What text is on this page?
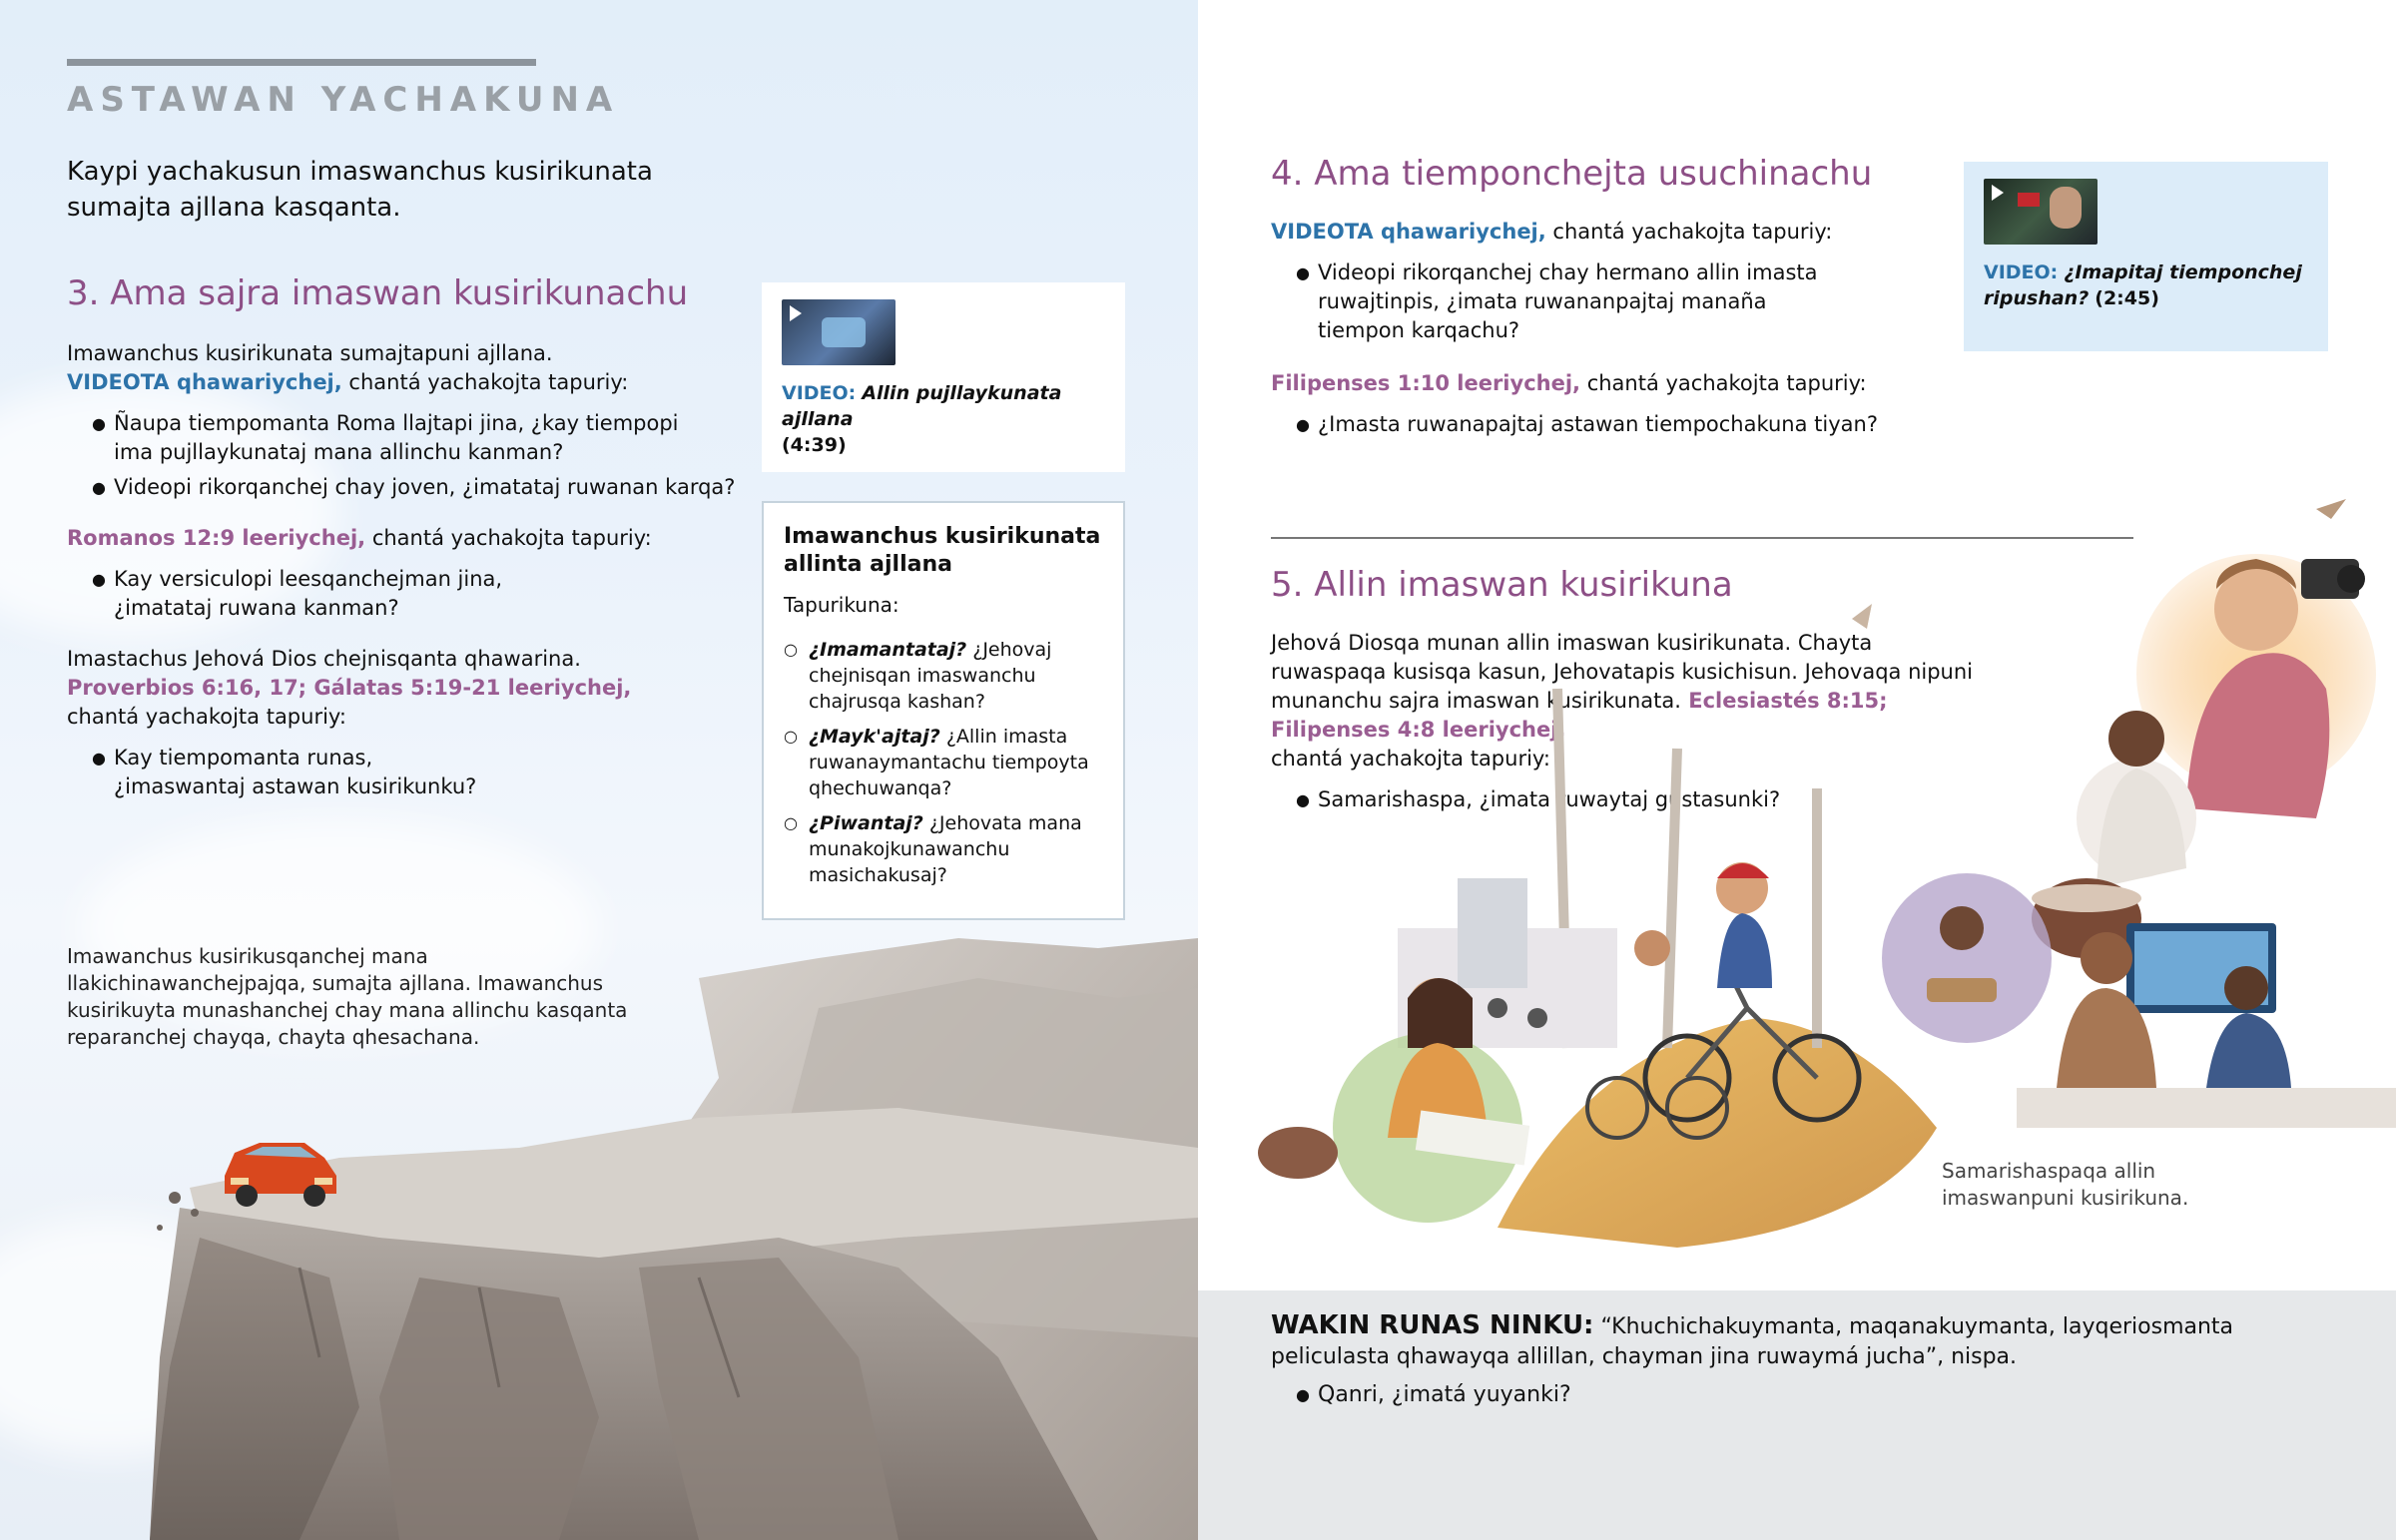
ASTAWAN YACHAKUNA
Kaypi yachakusun imaswanchus kusirikunata sumajta ajllana kasqanta.
3. Ama sajra imaswan kusirikunachu

Imawanchus kusirikunata sumajtapuni ajllana.

VIDEOTA qhawariychej, chantá yachakojta tapuriy:

● Ñaupa tiempomanta Roma llajtapi jina, ¿kay tiempopi ima pujllaykunataj mana allinchu kanman?
● Videopi rikorqanchej chay joven, ¿imatataj ruwanan karqa?

Romanos 12:9 leeriychej, chantá yachakojta tapuriy:

● Kay versiculopi leesqanchejman jina, ¿imatataj ruwana kanman?

Imastachus Jehová Dios chejnisqanta qhawarina.

Proverbios 6:16, 17; Gálatas 5:19-21 leeriychej,

chantá yachakojta tapuriy:

● Kay tiempomanta runas, ¿imaswantaj astawan kusirikunku?
VIDEO: Allin pujllaykunata ajllana
(4:39)
Imawanchus kusirikunata allinta ajllana
Tapurikuna:
○ ¿Imamantataj? ¿Jehovaj chejnisqan imaswanchu chajrusqa kashan?
○ ¿Mayk'ajtaj? ¿Allin imasta ruwanaymantachu tiempoyta qhechuwanqa?
○ ¿Piwantaj? ¿Jehovata mana munakojkunawanchu masichakusaj?
Imawanchus kusirikusqanchej mana llakichinawanchejpajqa, sumajta ajllana. Imawanchus kusirikuyta munashanchej chay mana allinchu kasqanta reparanchej chayqa, chayta qhesachana.
4. Ama tiemponchejta usuchinachu

VIDEOTA qhawariychej, chantá yachakojta tapuriy:

● Videopi rikorqanchej chay hermano allin imasta ruwajtinpis, ¿imata ruwananpajtaj manaña tiempon karqachu?

Filipenses 1:10 leeriychej, chantá yachakojta tapuriy:

● ¿Imasta ruwanapajtaj astawan tiempochakuna tiyan?
VIDEO: ¿Imapitaj tiemponchej ripushan? (2:45)
5. Allin imaswan kusirikuna

Jehová Diosqa munan allin imaswan kusirikunata. Chayta ruwaspaqa kusisqa kasun, Jehovatapis kusichisun. Jehovaqa nipuni munanchu sajra imaswan kusirikunata. Eclesiastés 8:15; Filipenses 4:8 leeriychej,

chantá yachakojta tapuriy:

● Samarishaspa, ¿imata ruwaytaj gustasunki?
Samarishaspaqa allin imaswanpuni kusirikuna.

WAKIN RUNAS NINKU: “Khuchichakuymanta, maqanakuymanta, layqeriosmanta peliculasta qhawayqa allillan, chayman jina ruwaymá jucha”, nispa.

● Qanri, ¿imatá yuyanki?
